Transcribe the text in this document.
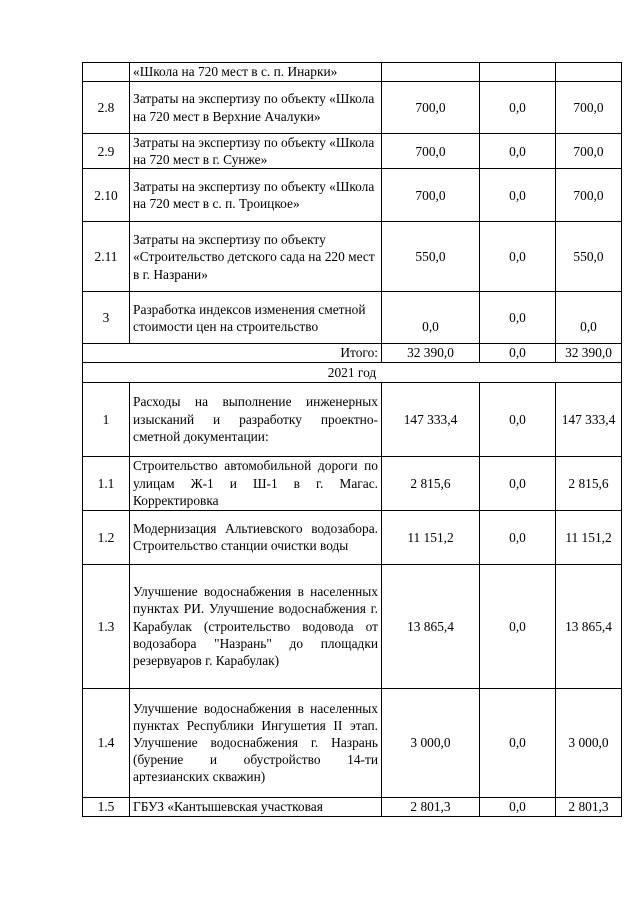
	«Школа на 720 мест в с. п. Инарки»			
2.8	Затраты на экспертизу по объекту «Школа на 720 мест в Верхние Ачалуки»	700,0	0,0	700,0
2.9	Затраты на экспертизу по объекту «Школа на 720 мест в г. Сунже»	700,0	0,0	700,0
2.10	Затраты на экспертизу по объекту «Школа на 720 мест в с. п. Троицкое»	700,0	0,0	700,0
2.11	Затраты на экспертизу по объекту «Строительство детского сада на 220 мест в г. Назрани»	550,0	0,0	550,0
3	Разработка индексов изменения сметной стоимости цен на строительство	0,0	0,0	0,0
Итого:		32 390,0	0,0	32 390,0
2021 год				
1	Расходы на выполнение инженерных изысканий и разработку проектно-сметной документации:	147 333,4	0,0	147 333,4
1.1	Строительство автомобильной дороги по улицам Ж-1 и Ш-1 в г. Магас. Корректировка	2 815,6	0,0	2 815,6
1.2	Модернизация Альтиевского водозабора. Строительство станции очистки воды	11 151,2	0,0	11 151,2
1.3	Улучшение водоснабжения в населенных пунктах РИ. Улучшение водоснабжения г. Карабулак (строительство водовода от водозабора "Назрань" до площадки резервуаров г. Карабулак)	13 865,4	0,0	13 865,4
1.4	Улучшение водоснабжения в населенных пунктах Республики Ингушетия II этап. Улучшение водоснабжения г. Назрань (бурение и обустройство 14-ти артезианских скважин)	3 000,0	0,0	3 000,0
1.5	ГБУЗ «Кантышевская участковая	2 801,3	0,0	2 801,3
